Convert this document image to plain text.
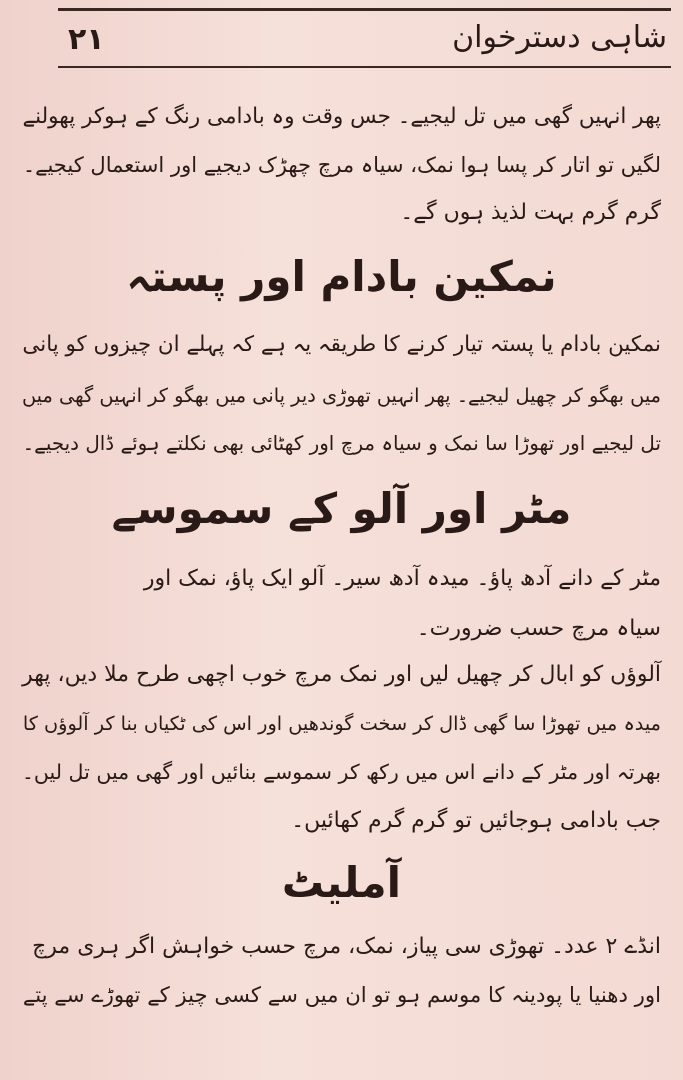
۲۱	شاہی دسترخوان
پھر انہیں گھی میں تل لیجیے۔ جس وقت وہ بادامی رنگ کے ہوکر پھولنے
لگیں تو اتار کر پسا ہوا نمک، سیاہ مرچ چھڑک دیجیے اور استعمال کیجیے۔
گرم گرم بہت لذیذ ہوں گے۔
نمکین بادام اور پستہ
نمکین بادام یا پستہ تیار کرنے کا طریقہ یہ ہے کہ پہلے ان چیزوں کو پانی
میں بھگو کر چھیل لیجیے۔ پھر انہیں تھوڑی دیر پانی میں بھگو کر انہیں گھی میں
تل لیجیے اور تھوڑا سا نمک و سیاہ مرچ اور کھٹائی بھی نکلتے ہوئے ڈال دیجیے۔
مٹر اور آلو کے سموسے
مٹر کے دانے آدھ پاؤ۔ میدہ آدھ سیر۔ آلو ایک پاؤ، نمک اور
سیاہ مرچ حسب ضرورت۔
آلوؤں کو ابال کر چھیل لیں اور نمک مرچ خوب اچھی طرح ملا دیں، پھر
میدہ میں تھوڑا سا گھی ڈال کر سخت گوندھیں اور اس کی ٹکیاں بنا کر آلوؤں کا
بھرتہ اور مٹر کے دانے اس میں رکھ کر سموسے بنائیں اور گھی میں تل لیں۔
جب بادامی ہوجائیں تو گرم گرم کھائیں۔
آملیٹ
انڈے ۲ عدد۔ تھوڑی سی پیاز، نمک، مرچ حسب خواہش اگر ہری مرچ
اور دھنیا یا پودینہ کا موسم ہو تو ان میں سے کسی چیز کے تھوڑے سے پتے
